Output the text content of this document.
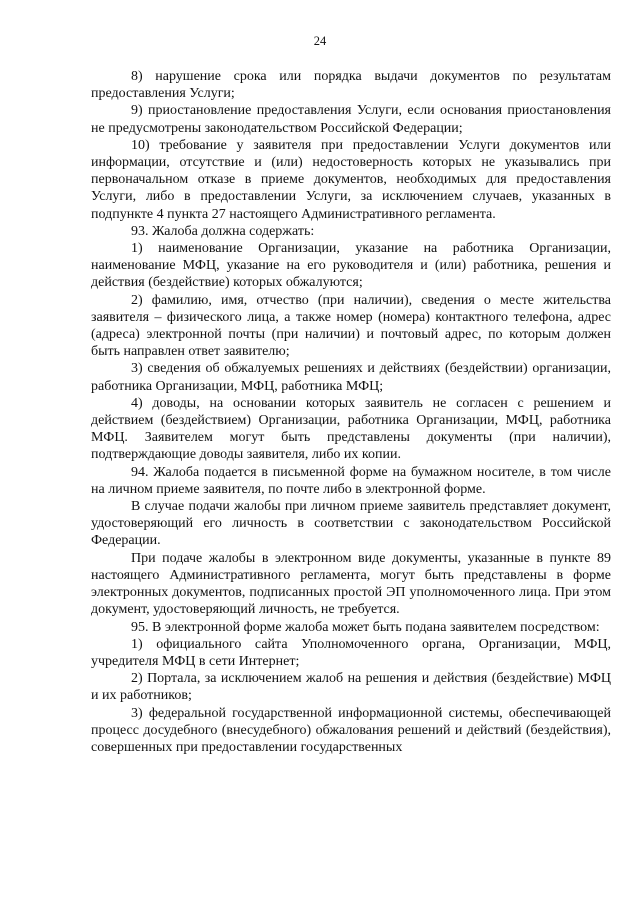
24

8) нарушение срока или порядка выдачи документов по результатам предоставления Услуги;

9) приостановление предоставления Услуги, если основания приостановления не предусмотрены законодательством Российской Федерации;

10) требование у заявителя при предоставлении Услуги документов или информации, отсутствие и (или) недостоверность которых не указывались при первоначальном отказе в приеме документов, необходимых для предоставления Услуги, либо в предоставлении Услуги, за исключением случаев, указанных в подпункте 4 пункта 27 настоящего Административного регламента.

93. Жалоба должна содержать:

1) наименование Организации, указание на работника Организации, наименование МФЦ, указание на его руководителя и (или) работника, решения и действия (бездействие) которых обжалуются;

2) фамилию, имя, отчество (при наличии), сведения о месте жительства заявителя – физического лица, а также номер (номера) контактного телефона, адрес (адреса) электронной почты (при наличии) и почтовый адрес, по которым должен быть направлен ответ заявителю;

3) сведения об обжалуемых решениях и действиях (бездействии) организации, работника Организации, МФЦ, работника МФЦ;

4) доводы, на основании которых заявитель не согласен с решением и действием (бездействием) Организации, работника Организации, МФЦ, работника МФЦ. Заявителем могут быть представлены документы (при наличии), подтверждающие доводы заявителя, либо их копии.

94. Жалоба подается в письменной форме на бумажном носителе, в том числе на личном приеме заявителя, по почте либо в электронной форме.

В случае подачи жалобы при личном приеме заявитель представляет документ, удостоверяющий его личность в соответствии с законодательством Российской Федерации.

При подаче жалобы в электронном виде документы, указанные в пункте 89 настоящего Административного регламента, могут быть представлены в форме электронных документов, подписанных простой ЭП уполномоченного лица. При этом документ, удостоверяющий личность, не требуется.

95. В электронной форме жалоба может быть подана заявителем посредством:

1) официального сайта Уполномоченного органа, Организации, МФЦ, учредителя МФЦ в сети Интернет;

2) Портала, за исключением жалоб на решения и действия (бездействие) МФЦ и их работников;

3) федеральной государственной информационной системы, обеспечивающей процесс досудебного (внесудебного) обжалования решений и действий (бездействия), совершенных при предоставлении государственных
